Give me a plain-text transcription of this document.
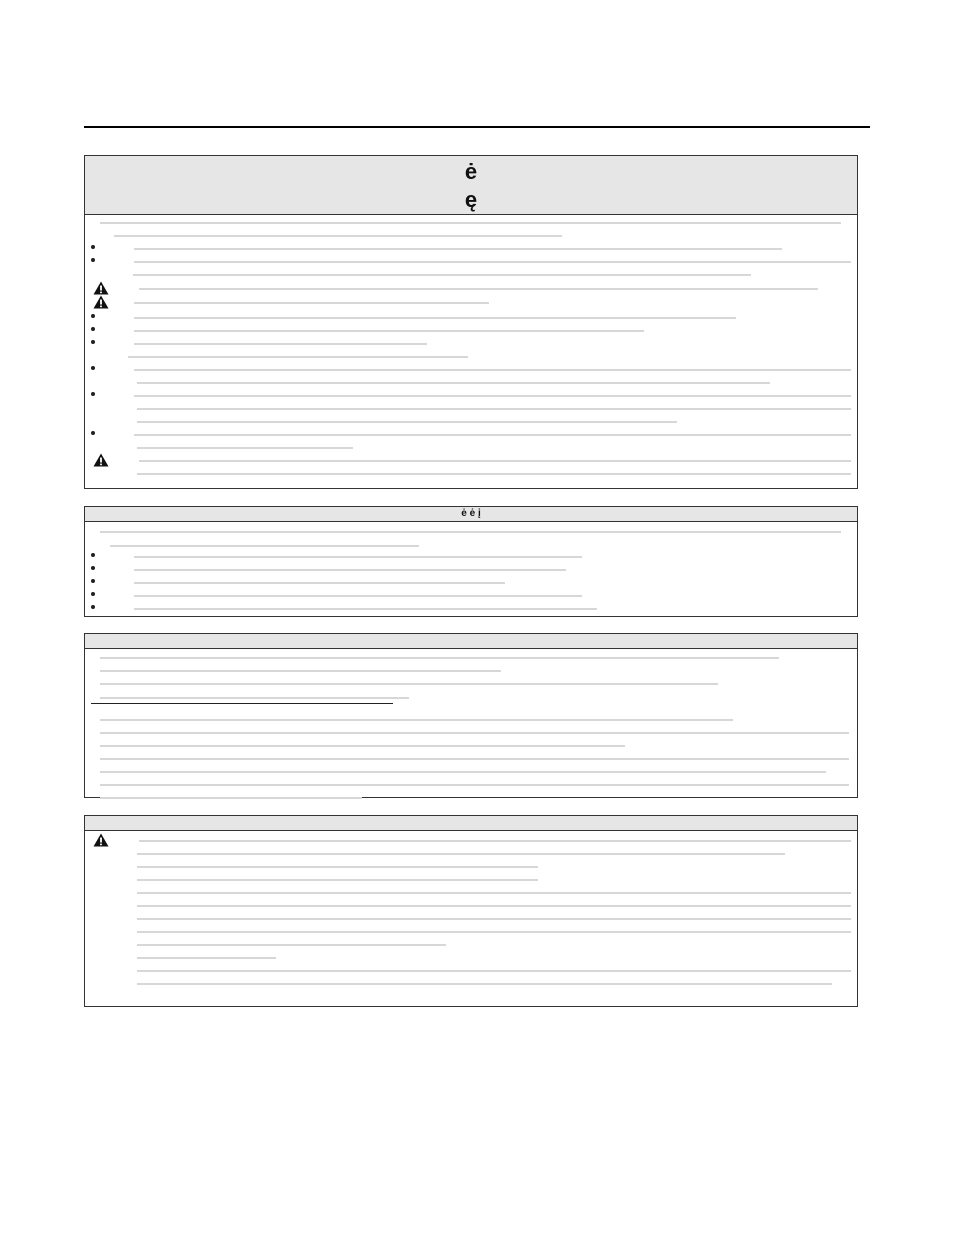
ė
ę
ė ė į
